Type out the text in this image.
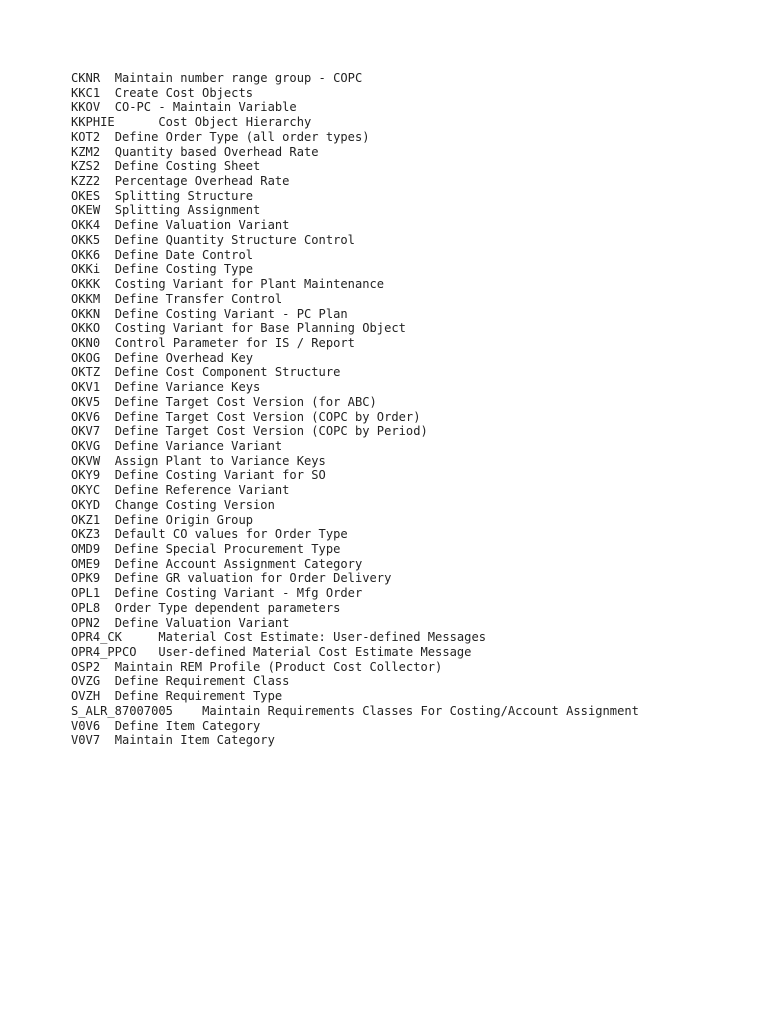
CKNR Maintain number range group - COPC
KKC1 Create Cost Objects
KKOV CO-PC - Maintain Variable
KKPHIE	Cost Object Hierarchy
KOT2 Define Order Type (all order types)
KZM2 Quantity based Overhead Rate
KZS2 Define Costing Sheet
KZZ2 Percentage Overhead Rate
OKES Splitting Structure
OKEW Splitting Assignment
OKK4 Define Valuation Variant
OKK5 Define Quantity Structure Control
OKK6 Define Date Control
OKKi Define Costing Type
OKKK Costing Variant for Plant Maintenance
OKKM Define Transfer Control
OKKN Define Costing Variant - PC Plan
OKKO Costing Variant for Base Planning Object
OKN0 Control Parameter for IS / Report
OKOG Define Overhead Key
OKTZ Define Cost Component Structure
OKV1 Define Variance Keys
OKV5 Define Target Cost Version (for ABC)
OKV6 Define Target Cost Version (COPC by Order)
OKV7 Define Target Cost Version (COPC by Period)
OKVG Define Variance Variant
OKVW Assign Plant to Variance Keys
OKY9 Define Costing Variant for SO
OKYC Define Reference Variant
OKYD Change Costing Version
OKZ1 Define Origin Group
OKZ3 Default CO values for Order Type
OMD9 Define Special Procurement Type
OME9 Define Account Assignment Category
OPK9 Define GR valuation for Order Delivery
OPL1 Define Costing Variant - Mfg Order
OPL8 Order Type dependent parameters
OPN2 Define Valuation Variant
OPR4_CK	Material Cost Estimate: User-defined Messages
OPR4_PPCO User-defined Material Cost Estimate Message
OSP2 Maintain REM Profile (Product Cost Collector)
OVZG Define Requirement Class
OVZH Define Requirement Type
S_ALR_87007005 Maintain Requirements Classes For Costing/Account Assignment
V0V6 Define Item Category
V0V7 Maintain Item Category
